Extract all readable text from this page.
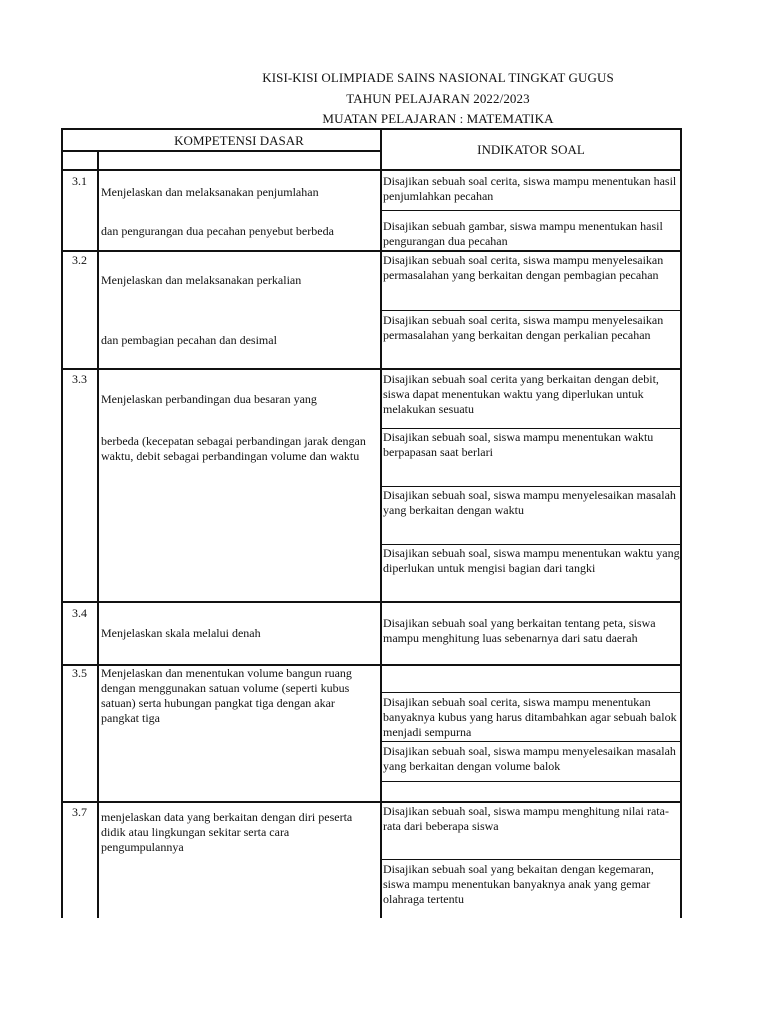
KISI-KISI OLIMPIADE SAINS NASIONAL TINGKAT GUGUS
TAHUN PELAJARAN 2022/2023
MUATAN PELAJARAN : MATEMATIKA
KOMPETENSI DASAR
INDIKATOR SOAL
3.1
Menjelaskan dan melaksanakan penjumlahan
dan pengurangan dua pecahan penyebut berbeda
Disajikan sebuah soal cerita, siswa mampu menentukan hasil penjumlahkan pecahan
Disajikan sebuah gambar, siswa mampu menentukan hasil pengurangan dua pecahan
3.2
Menjelaskan dan melaksanakan perkalian
dan pembagian pecahan dan desimal
Disajikan sebuah soal cerita, siswa mampu menyelesaikan permasalahan yang berkaitan dengan pembagian pecahan
Disajikan sebuah soal cerita, siswa mampu menyelesaikan permasalahan yang berkaitan dengan perkalian pecahan
3.3
Menjelaskan perbandingan dua besaran yang
berbeda (kecepatan sebagai perbandingan jarak dengan waktu, debit sebagai perbandingan volume dan waktu
Disajikan sebuah soal cerita yang berkaitan dengan debit, siswa dapat menentukan waktu yang diperlukan untuk melakukan sesuatu
Disajikan sebuah soal, siswa mampu menentukan waktu berpapasan saat berlari
Disajikan sebuah soal, siswa mampu menyelesaikan masalah yang berkaitan dengan waktu
Disajikan sebuah soal, siswa mampu menentukan waktu yang diperlukan untuk mengisi bagian dari tangki
3.4
Menjelaskan skala melalui denah
Disajikan sebuah soal yang berkaitan tentang peta, siswa mampu menghitung luas sebenarnya dari satu daerah
3.5 Menjelaskan dan menentukan volume bangun ruang dengan menggunakan satuan volume (seperti kubus satuan) serta hubungan pangkat tiga dengan akar pangkat tiga
Disajikan sebuah soal cerita, siswa mampu menentukan banyaknya kubus yang harus ditambahkan agar sebuah balok menjadi sempurna
Disajikan sebuah soal, siswa mampu menyelesaikan masalah yang berkaitan dengan volume balok
3.7 menjelaskan data yang berkaitan dengan diri peserta didik atau lingkungan sekitar serta cara pengumpulannya
Disajikan sebuah soal, siswa mampu menghitung nilai rata-rata dari beberapa siswa
Disajikan sebuah soal yang bekaitan dengan kegemaran, siswa mampu menentukan banyaknya anak yang gemar olahraga tertentu
